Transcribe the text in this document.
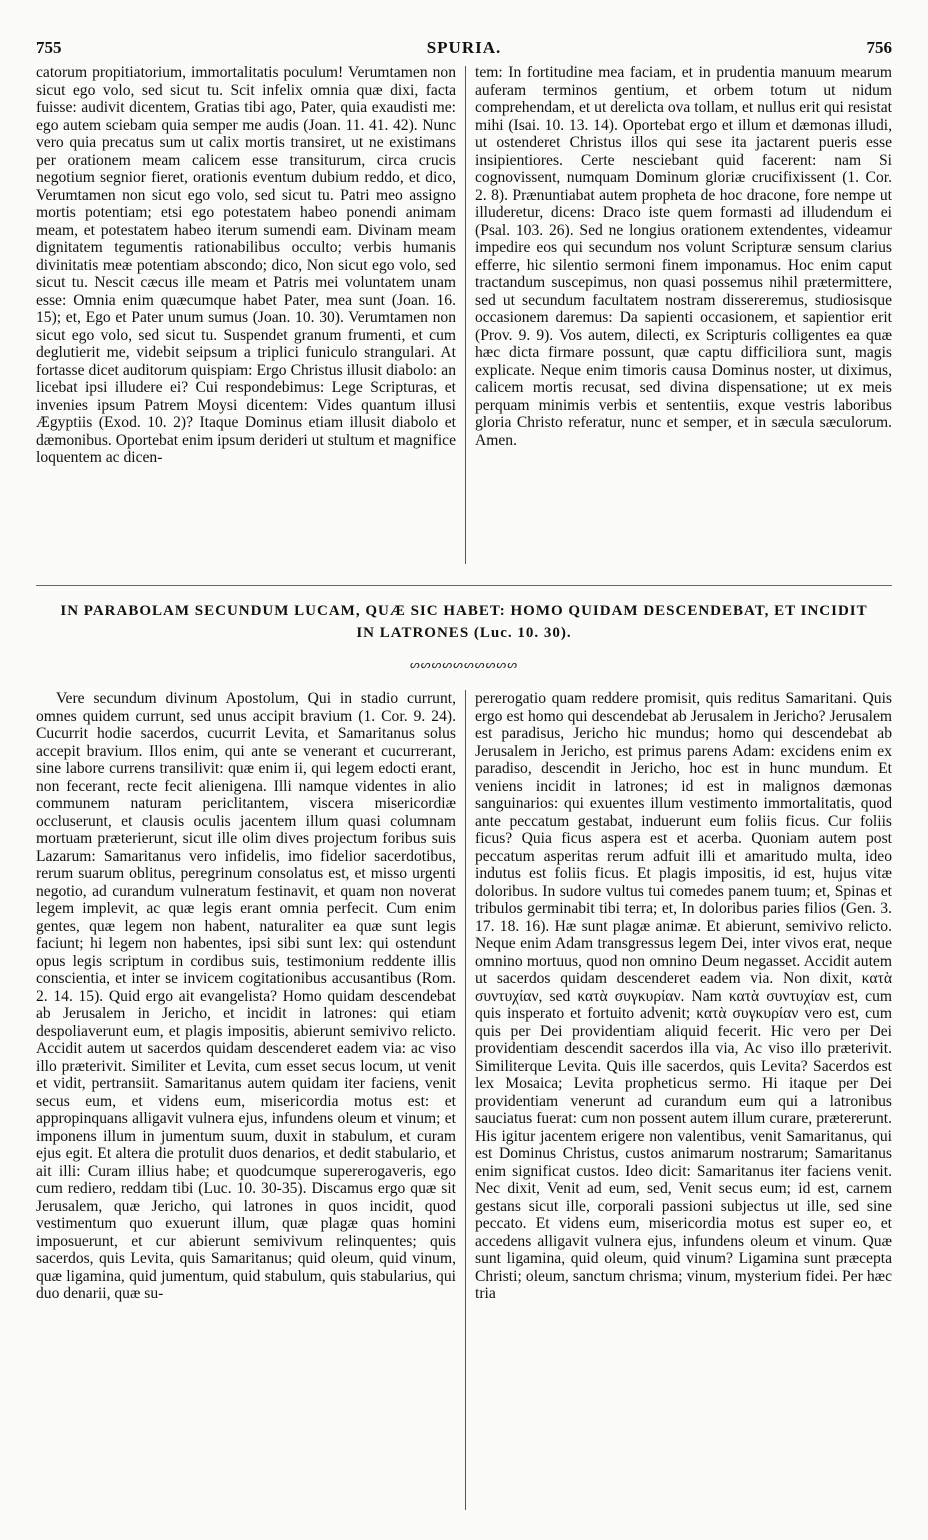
755	SPURIA.	756

catorum propitiatorium, immortalitatis poculum! Verumtamen non sicut ego volo, sed sicut tu. Scit infelix omnia quæ dixi, facta fuisse: audivit dicentem, Gratias tibi ago, Pater, quia exaudisti me: ego autem sciebam quia semper me audis (Joan. 11. 41. 42). Nunc vero quia precatus sum ut calix mortis transiret, ut ne existimans per orationem meam calicem esse transiturum, circa crucis negotium segnior fieret, orationis eventum dubium reddo, et dico, Verumtamen non sicut ego volo, sed sicut tu. Patri meo assigno mortis potentiam; etsi ego potestatem habeo ponendi animam meam, et potestatem habeo iterum sumendi eam. Divinam meam dignitatem tegumentis rationabilibus occulto; verbis humanis divinitatis meæ potentiam abscondo; dico, Non sicut ego volo, sed sicut tu. Nescit cæcus ille meam et Patris mei voluntatem unam esse: Omnia enim quæcumque habet Pater, mea sunt (Joan. 16. 15); et, Ego et Pater unum sumus (Joan. 10. 30). Verumtamen non sicut ego volo, sed sicut tu. Suspendet granum frumenti, et cum deglutierit me, videbit seipsum a triplici funiculo strangulari. At fortasse dicet auditorum quispiam: Ergo Christus illusit diabolo: an licebat ipsi illudere ei? Cui respondebimus: Lege Scripturas, et invenies ipsum Patrem Moysi dicentem: Vides quantum illusi Ægyptiis (Exod. 10. 2)? Itaque Dominus etiam illusit diabolo et dæmonibus. Oportebat enim ipsum derideri ut stultum et magnifice loquentem ac dicen-

tem: In fortitudine mea faciam, et in prudentia manuum mearum auferam terminos gentium, et orbem totum ut nidum comprehendam, et ut derelicta ova tollam, et nullus erit qui resistat mihi (Isai. 10. 13. 14). Oportebat ergo et illum et dæmonas illudi, ut ostenderet Christus illos qui sese ita jactarent pueris esse insipientiores. Certe nesciebant quid facerent: nam Si cognovissent, numquam Dominum gloriæ crucifixissent (1. Cor. 2. 8). Prænuntiabat autem propheta de hoc dracone, fore nempe ut illuderetur, dicens: Draco iste quem formasti ad illudendum ei (Psal. 103. 26). Sed ne longius orationem extendentes, videamur impedire eos qui secundum nos volunt Scripturæ sensum clarius efferre, hic silentio sermoni finem imponamus. Hoc enim caput tractandum suscepimus, non quasi possemus nihil prætermittere, sed ut secundum facultatem nostram dissereremus, studiosisque occasionem daremus: Da sapienti occasionem, et sapientior erit (Prov. 9. 9). Vos autem, dilecti, ex Scripturis colligentes ea quæ hæc dicta firmare possunt, quæ captu difficiliora sunt, magis explicate. Neque enim timoris causa Dominus noster, ut diximus, calicem mortis recusat, sed divina dispensatione; ut ex meis perquam minimis verbis et sententiis, exque vestris laboribus gloria Christo referatur, nunc et semper, et in sæcula sæculorum. Amen.

IN PARABOLAM SECUNDUM LUCAM, QUÆ SIC HABET: HOMO QUIDAM DESCENDEBAT, ET INCIDIT
IN LATRONES (Luc. 10. 30).
ᔕᔕᔕᔕᔕᔕᔕᔕᔕᔕ

Vere secundum divinum Apostolum, Qui in stadio currunt, omnes quidem currunt, sed unus accipit bravium (1. Cor. 9. 24). Cucurrit hodie sacerdos, cucurrit Levita, et Samaritanus solus accepit bravium. Illos enim, qui ante se venerant et cucurrerant, sine labore currens transilivit: quæ enim ii, qui legem edocti erant, non fecerant, recte fecit alienigena. Illi namque videntes in alio communem naturam periclitantem, viscera misericordiæ occluserunt, et clausis oculis jacentem illum quasi columnam mortuam præterierunt, sicut ille olim dives projectum foribus suis Lazarum: Samaritanus vero infidelis, imo fidelior sacerdotibus, rerum suarum oblitus, peregrinum consolatus est, et misso urgenti negotio, ad curandum vulneratum festinavit, et quam non noverat legem implevit, ac quæ legis erant omnia perfecit. Cum enim gentes, quæ legem non habent, naturaliter ea quæ sunt legis faciunt; hi legem non habentes, ipsi sibi sunt lex: qui ostendunt opus legis scriptum in cordibus suis, testimonium reddente illis conscientia, et inter se invicem cogitationibus accusantibus (Rom. 2. 14. 15). Quid ergo ait evangelista? Homo quidam descendebat ab Jerusalem in Jericho, et incidit in latrones: qui etiam despoliaverunt eum, et plagis impositis, abierunt semivivo relicto. Accidit autem ut sacerdos quidam descenderet eadem via: ac viso illo præterivit. Similiter et Levita, cum esset secus locum, ut venit et vidit, pertransiit. Samaritanus autem quidam iter faciens, venit secus eum, et videns eum, misericordia motus est: et appropinquans alligavit vulnera ejus, infundens oleum et vinum; et imponens illum in jumentum suum, duxit in stabulum, et curam ejus egit. Et altera die protulit duos denarios, et dedit stabulario, et ait illi: Curam illius habe; et quodcumque supererogaveris, ego cum rediero, reddam tibi (Luc. 10. 30-35). Discamus ergo quæ sit Jerusalem, quæ Jericho, qui latrones in quos incidit, quod vestimentum quo exuerunt illum, quæ plagæ quas homini imposuerunt, et cur abierunt semivivum relinquentes; quis sacerdos, quis Levita, quis Samaritanus; quid oleum, quid vinum, quæ ligamina, quid jumentum, quid stabulum, quis stabularius, qui duo denarii, quæ su-

pererogatio quam reddere promisit, quis reditus Samaritani. Quis ergo est homo qui descendebat ab Jerusalem in Jericho? Jerusalem est paradisus, Jericho hic mundus; homo qui descendebat ab Jerusalem in Jericho, est primus parens Adam: excidens enim ex paradiso, descendit in Jericho, hoc est in hunc mundum. Et veniens incidit in latrones; id est in malignos dæmonas sanguinarios: qui exuentes illum vestimento immortalitatis, quod ante peccatum gestabat, induerunt eum foliis ficus. Cur foliis ficus? Quia ficus aspera est et acerba. Quoniam autem post peccatum asperitas rerum adfuit illi et amaritudo multa, ideo indutus est foliis ficus. Et plagis impositis, id est, hujus vitæ doloribus. In sudore vultus tui comedes panem tuum; et, Spinas et tribulos germinabit tibi terra; et, In doloribus paries filios (Gen. 3. 17. 18. 16). Hæ sunt plagæ animæ. Et abierunt, semivivo relicto. Neque enim Adam transgressus legem Dei, inter vivos erat, neque omnino mortuus, quod non omnino Deum negasset. Accidit autem ut sacerdos quidam descenderet eadem via. Non dixit, κατὰ συντυχίαν, sed κατὰ συγκυρίαν. Nam κατὰ συντυχίαν est, cum quis insperato et fortuito advenit; κατὰ συγκυρίαν vero est, cum quis per Dei providentiam aliquid fecerit. Hic vero per Dei providentiam descendit sacerdos illa via, Ac viso illo præterivit. Similiterque Levita. Quis ille sacerdos, quis Levita? Sacerdos est lex Mosaica; Levita propheticus sermo. Hi itaque per Dei providentiam venerunt ad curandum eum qui a latronibus sauciatus fuerat: cum non possent autem illum curare, prætererunt. His igitur jacentem erigere non valentibus, venit Samaritanus, qui est Dominus Christus, custos animarum nostrarum; Samaritanus enim significat custos. Ideo dicit: Samaritanus iter faciens venit. Nec dixit, Venit ad eum, sed, Venit secus eum; id est, carnem gestans sicut ille, corporali passioni subjectus ut ille, sed sine peccato. Et videns eum, misericordia motus est super eo, et accedens alligavit vulnera ejus, infundens oleum et vinum. Quæ sunt ligamina, quid oleum, quid vinum? Ligamina sunt præcepta Christi; oleum, sanctum chrisma; vinum, mysterium fidei. Per hæc tria
